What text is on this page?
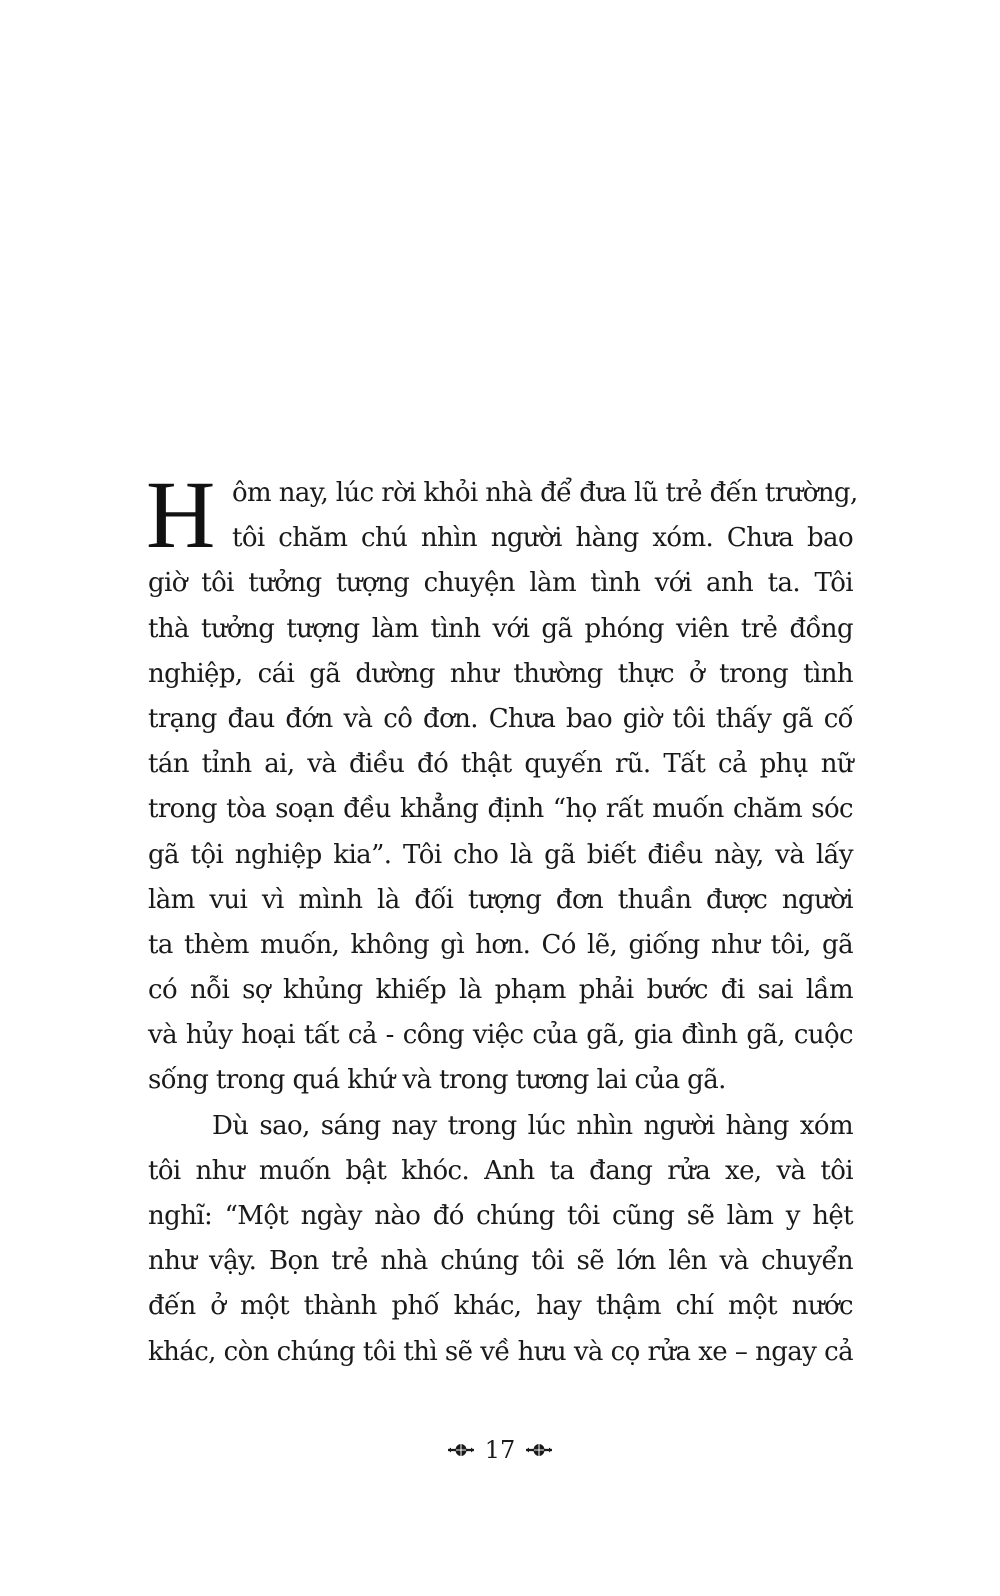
H ôm nay, lúc rời khỏi nhà để đưa lũ trẻ đến trường,
tôi chăm chú nhìn người hàng xóm. Chưa bao
giờ tôi tưởng tượng chuyện làm tình với anh ta. Tôi
thà tưởng tượng làm tình với gã phóng viên trẻ đồng
nghiệp, cái gã dường như thường thực ở trong tình
trạng đau đớn và cô đơn. Chưa bao giờ tôi thấy gã cố
tán tỉnh ai, và điều đó thật quyến rũ. Tất cả phụ nữ
trong tòa soạn đều khẳng định “họ rất muốn chăm sóc
gã tội nghiệp kia”. Tôi cho là gã biết điều này, và lấy
làm vui vì mình là đối tượng đơn thuần được người
ta thèm muốn, không gì hơn. Có lẽ, giống như tôi, gã
có nỗi sợ khủng khiếp là phạm phải bước đi sai lầm
và hủy hoại tất cả - công việc của gã, gia đình gã, cuộc
sống trong quá khứ và trong tương lai của gã.
Dù sao, sáng nay trong lúc nhìn người hàng xóm
tôi như muốn bật khóc. Anh ta đang rửa xe, và tôi
nghĩ: “Một ngày nào đó chúng tôi cũng sẽ làm y hệt
như vậy. Bọn trẻ nhà chúng tôi sẽ lớn lên và chuyển
đến ở một thành phố khác, hay thậm chí một nước
khác, còn chúng tôi thì sẽ về hưu và cọ rửa xe – ngay cả
17
